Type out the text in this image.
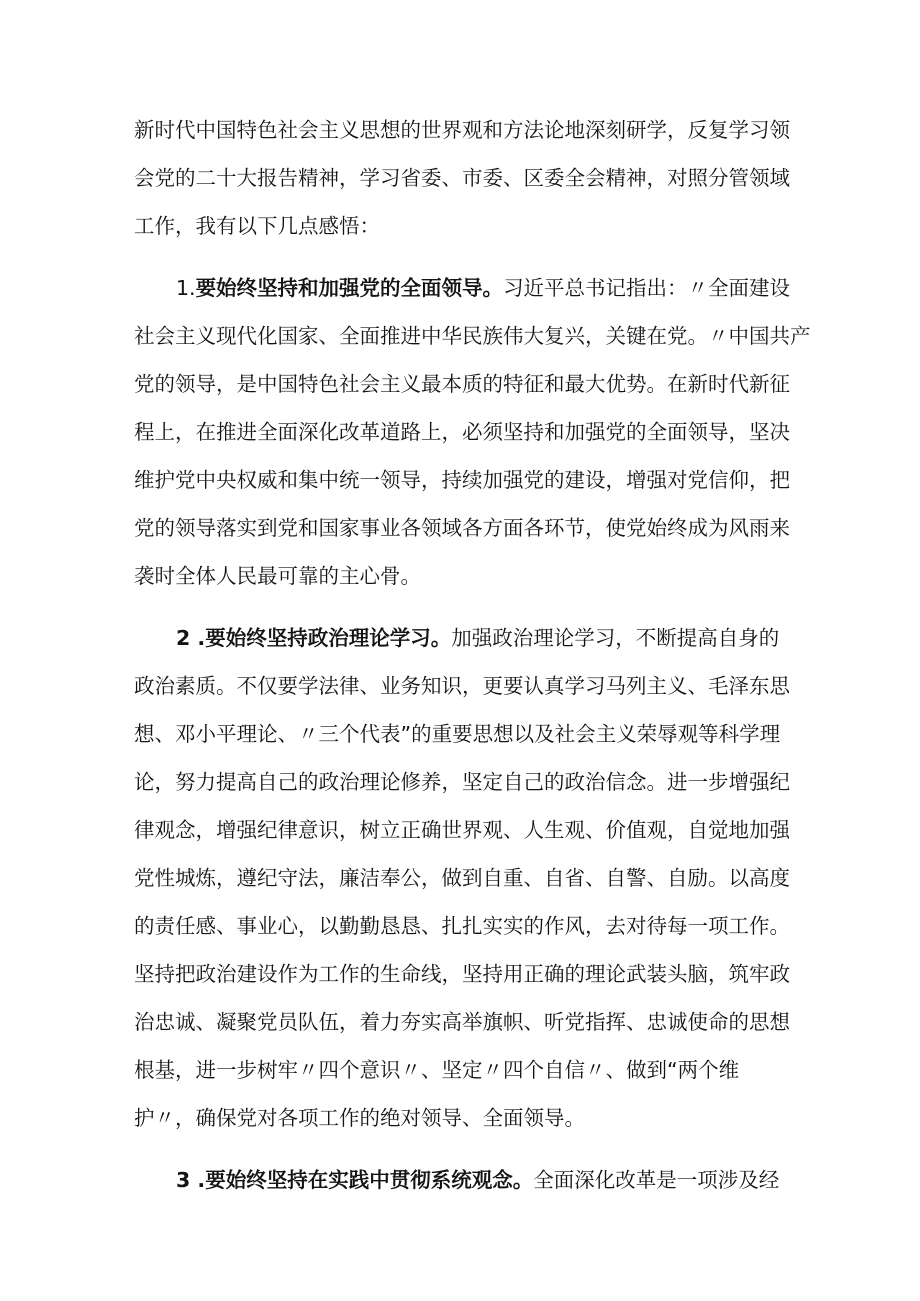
新时代中国特色社会主义思想的世界观和方法论地深刻研学，反复学习领
会党的二十大报告精神，学习省委、市委、区委全会精神，对照分管领域
工作，我有以下几点感悟：
1.要始终坚持和加强党的全面领导。习近平总书记指出：〃全面建设
社会主义现代化国家、全面推进中华民族伟大复兴，关键在党。〃中国共产
党的领导，是中国特色社会主义最本质的特征和最大优势。在新时代新征
程上，在推进全面深化改革道路上，必须坚持和加强党的全面领导，坚决
维护党中央权威和集中统一领导，持续加强党的建设，增强对党信仰，把
党的领导落实到党和国家事业各领域各方面各环节，使党始终成为风雨来
袭时全体人民最可靠的主心骨。
2 .要始终坚持政治理论学习。加强政治理论学习，不断提高自身的
政治素质。不仅要学法律、业务知识，更要认真学习马列主义、毛泽东思
想、邓小平理论、〃三个代表”的重要思想以及社会主义荣辱观等科学理
论，努力提高自己的政治理论修养，坚定自己的政治信念。进一步增强纪
律观念，增强纪律意识，树立正确世界观、人生观、价值观，自觉地加强
党性城炼，遵纪守法，廉洁奉公，做到自重、自省、自警、自励。以高度
的责任感、事业心，以勤勤恳恳、扎扎实实的作风，去对待每一项工作。
坚持把政治建设作为工作的生命线，坚持用正确的理论武装头脑，筑牢政
治忠诚、凝聚党员队伍，着力夯实高举旗帜、听党指挥、忠诚使命的思想
根基，进一步树牢〃四个意识〃、坚定〃四个自信〃、做到“两个维
护〃，确保党对各项工作的绝对领导、全面领导。
3 .要始终坚持在实践中贯彻系统观念。全面深化改革是一项涉及经
